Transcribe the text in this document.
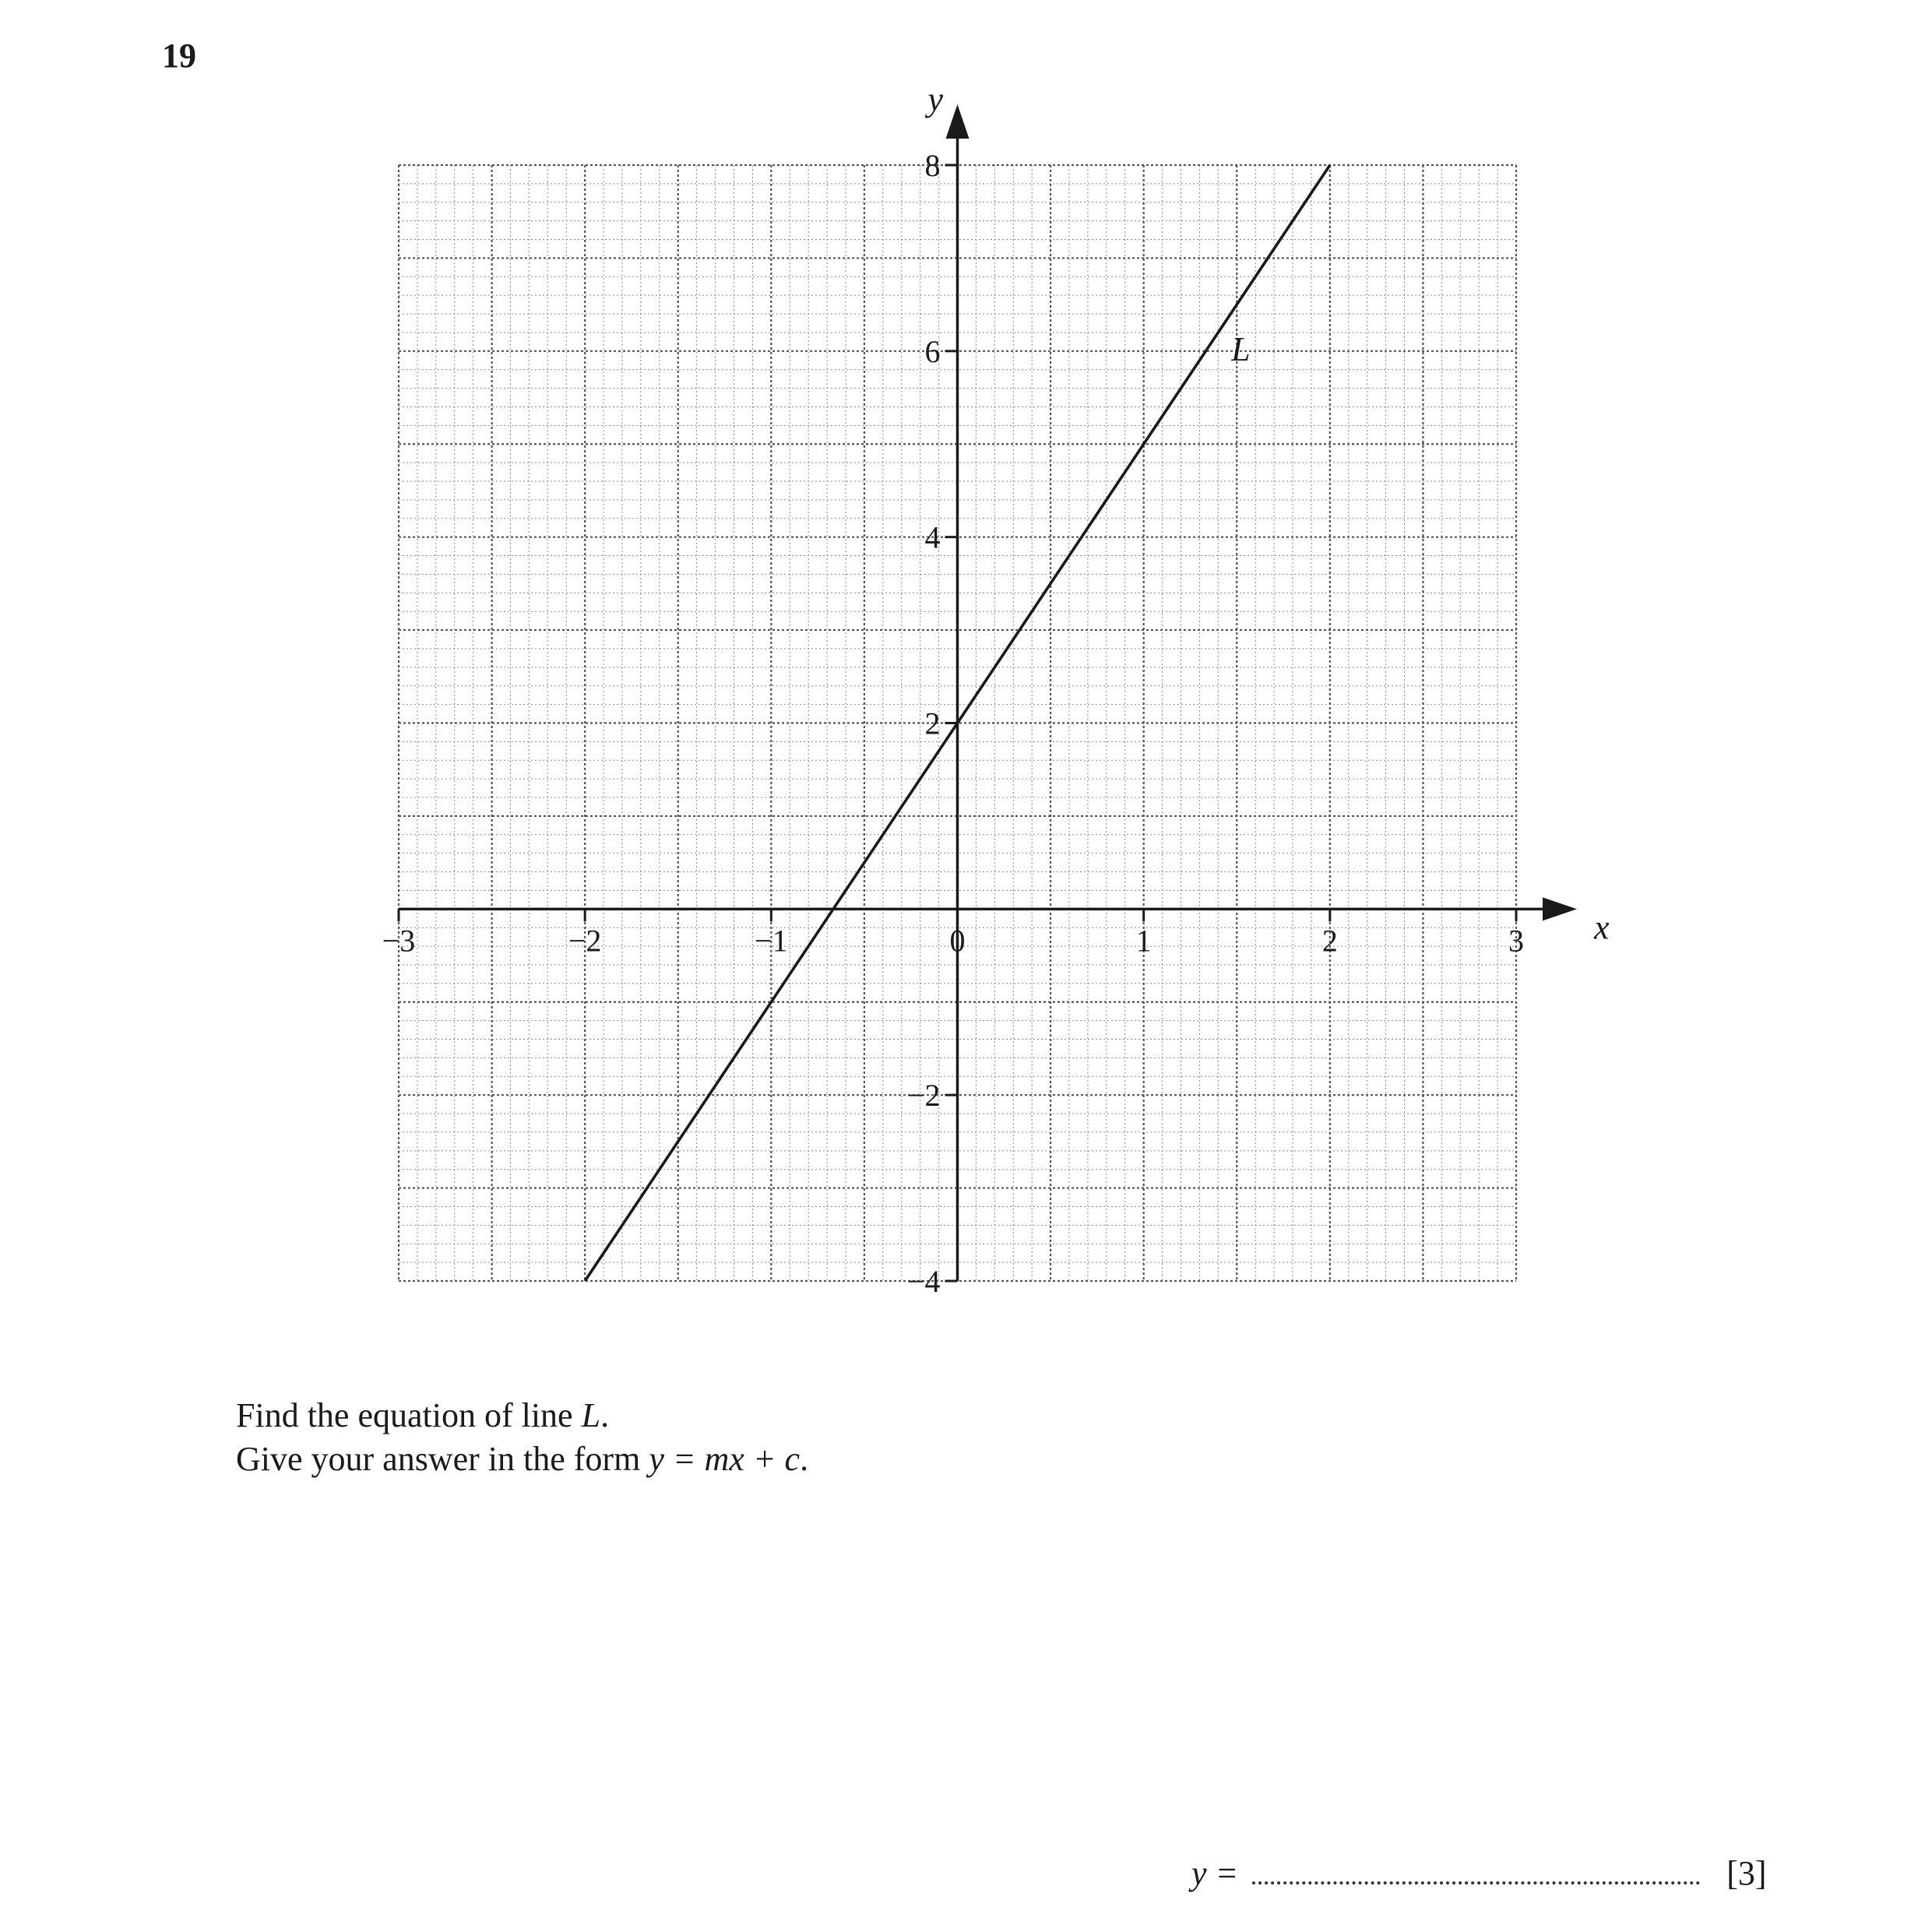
19
x
y
−3	−2	−1	0	1	2	3
−4
−2
2
4
6
8
L
Find the equation of line L.
Give your answer in the form y = mx + c.
y =	[3]
